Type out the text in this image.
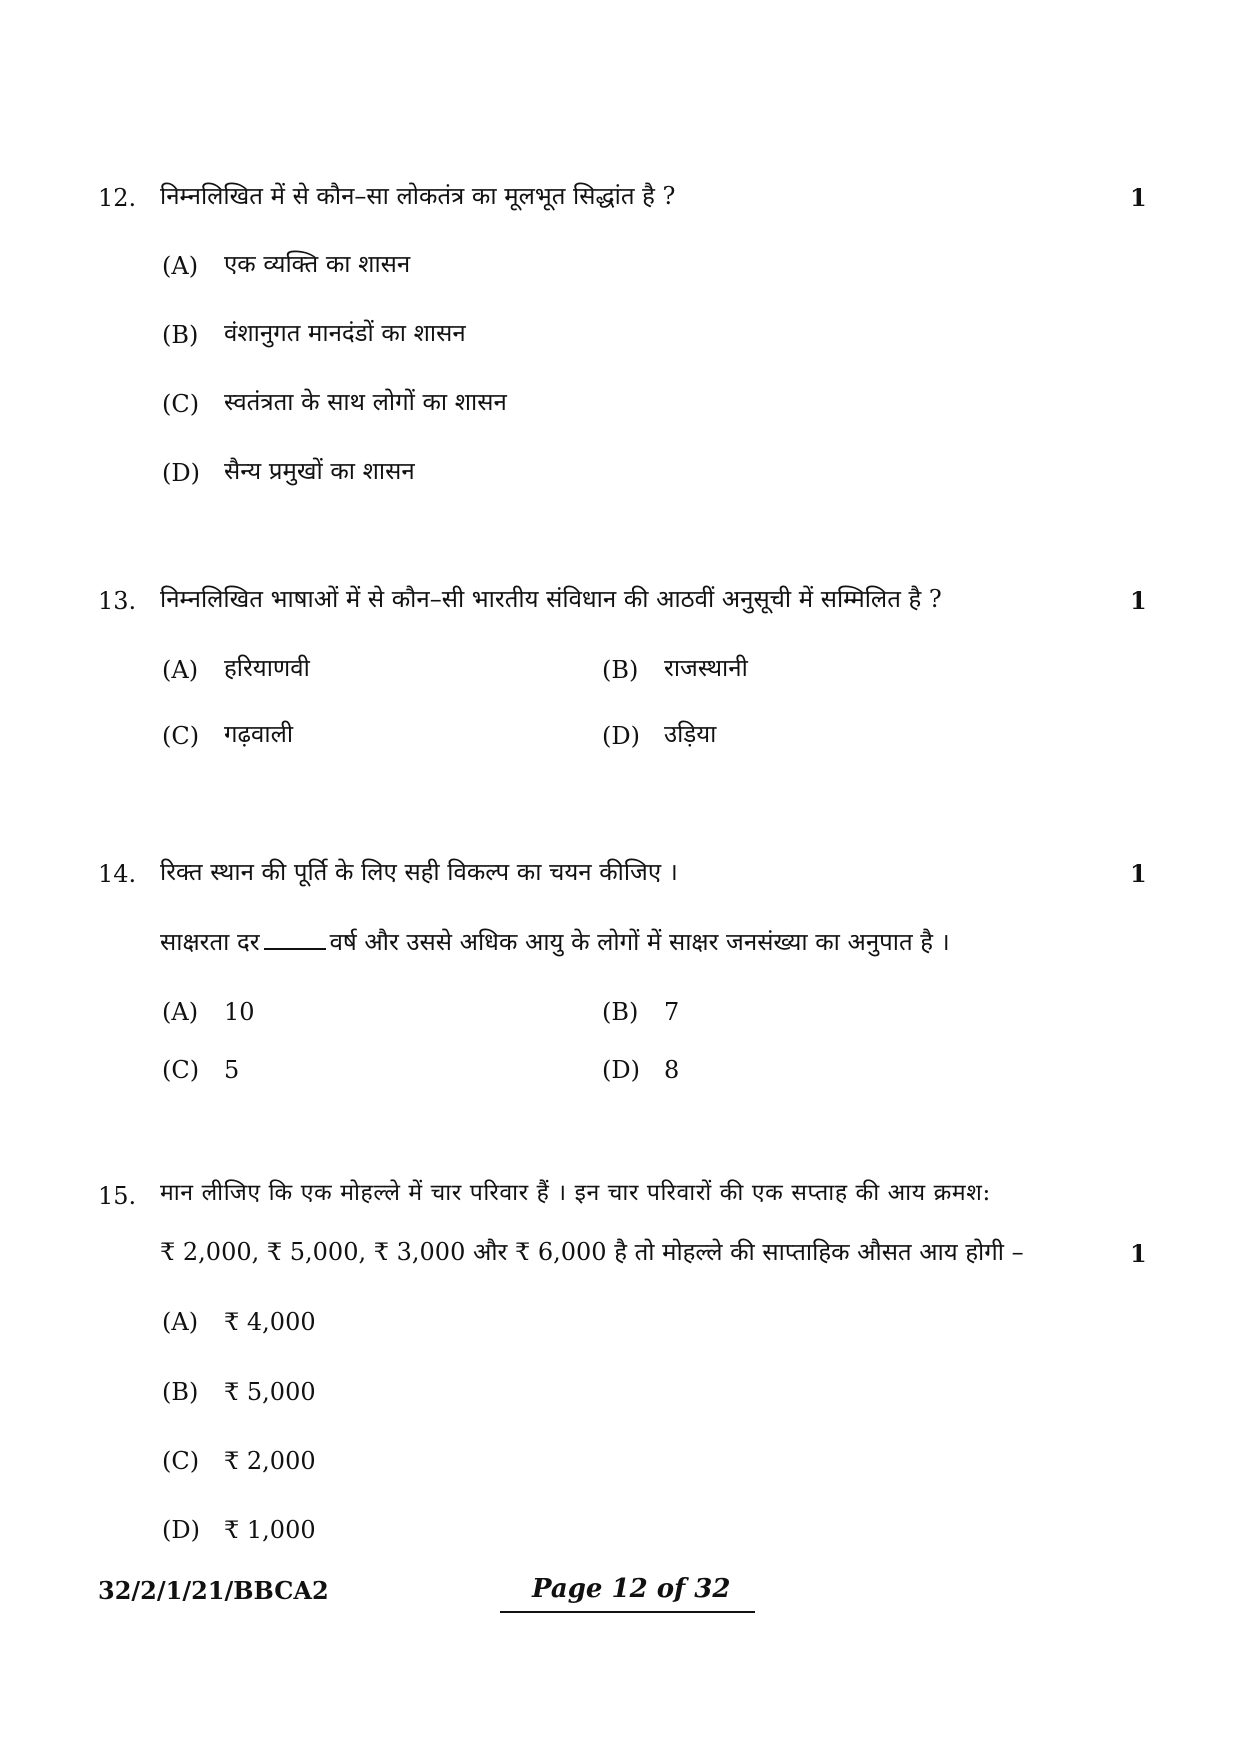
12. निम्नलिखित में से कौन–सा लोकतंत्र का मूलभूत सिद्धांत है ?	1
(A) एक व्यक्ति का शासन
(B) वंशानुगत मानदंडों का शासन
(C) स्वतंत्रता के साथ लोगों का शासन
(D) सैन्य प्रमुखों का शासन
13. निम्नलिखित भाषाओं में से कौन–सी भारतीय संविधान की आठवीं अनुसूची में सम्मिलित है ?	1
(A) हरियाणवी	(B) राजस्थानी
(C) गढ़वाली	(D) उड़िया
14. रिक्त स्थान की पूर्ति के लिए सही विकल्प का चयन कीजिए ।	1
साक्षरता दर	वर्ष और उससे अधिक आयु के लोगों में साक्षर जनसंख्या का अनुपात है ।
(A) 10	(B) 7
(C) 5	(D) 8
15. मान लीजिए कि एक मोहल्ले में चार परिवार हैं । इन चार परिवारों की एक सप्ताह की आय क्रमश:
₹ 2,000, ₹ 5,000, ₹ 3,000 और ₹ 6,000 है तो मोहल्ले की साप्ताहिक औसत आय होगी –	1
(A) ₹ 4,000
(B) ₹ 5,000
(C) ₹ 2,000
(D) ₹ 1,000
32/2/1/21/BBCA2	Page 12 of 32
